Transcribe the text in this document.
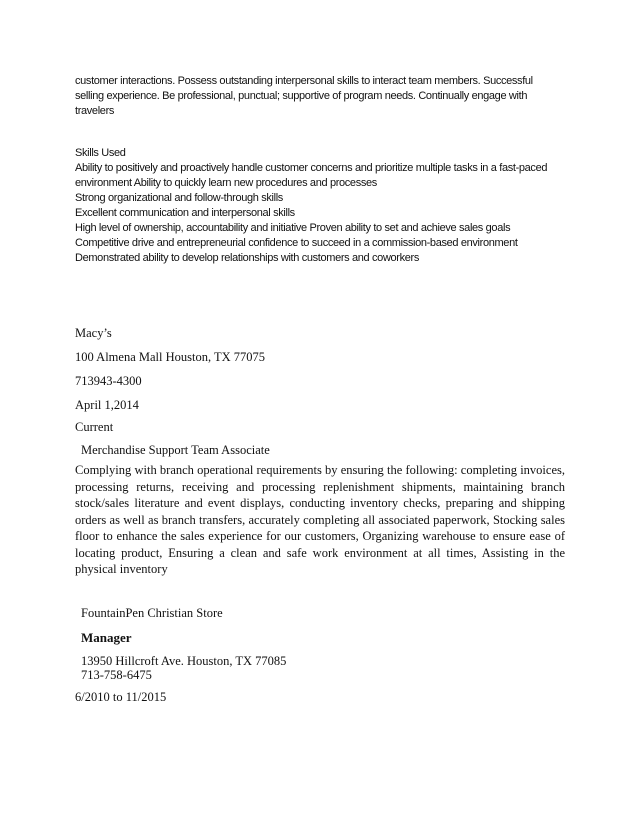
customer interactions. Possess outstanding interpersonal skills to interact team members. Successful
selling experience. Be professional, punctual; supportive of program needs. Continually engage with
travelers
Skills Used
Ability to positively and proactively handle customer concerns and prioritize multiple tasks in a fast-paced environment Ability to quickly learn new procedures and processes
Strong organizational and follow-through skills
Excellent communication and interpersonal skills
High level of ownership, accountability and initiative Proven ability to set and achieve sales goals
Competitive drive and entrepreneurial confidence to succeed in a commission-based environment
Demonstrated ability to develop relationships with customers and coworkers
Macy’s
100 Almena Mall Houston, TX 77075
713943-4300
April 1,2014
Current
Merchandise Support Team Associate
Complying with branch operational requirements by ensuring the following: completing invoices, processing returns, receiving and processing replenishment shipments, maintaining branch stock/sales literature and event displays, conducting inventory checks, preparing and shipping orders as well as branch transfers, accurately completing all associated paperwork, Stocking sales floor to enhance the sales experience for our customers, Organizing warehouse to ensure ease of locating product, Ensuring a clean and safe work environment at all times, Assisting in the physical inventory
FountainPen Christian Store
Manager
13950 Hillcroft Ave. Houston, TX 77085
713-758-6475
6/2010 to 11/2015
